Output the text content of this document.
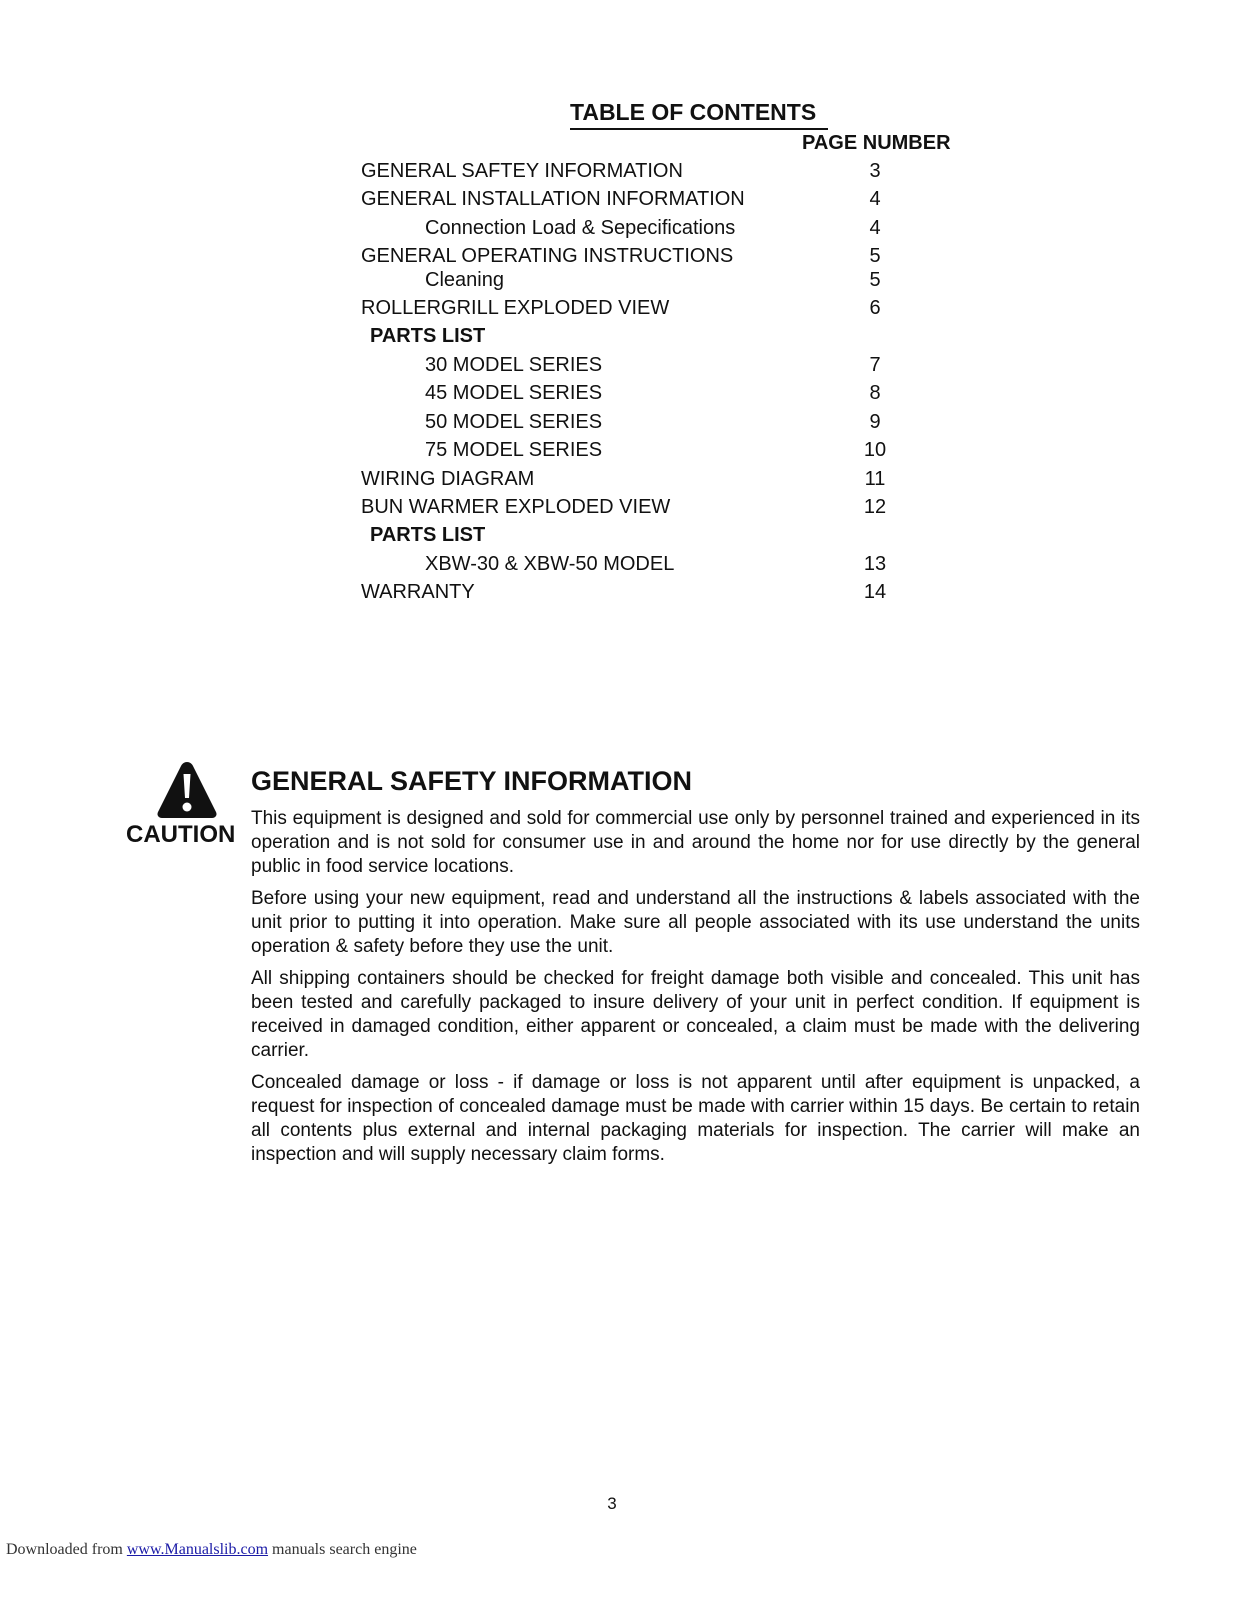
TABLE OF CONTENTS
PAGE NUMBER
GENERAL SAFTEY INFORMATION	3
GENERAL INSTALLATION INFORMATION	4
Connection Load & Sepecifications	4
GENERAL OPERATING INSTRUCTIONS	5
Cleaning	5
ROLLERGRILL EXPLODED VIEW	6
PARTS LIST
30 MODEL SERIES	7
45 MODEL SERIES	8
50 MODEL SERIES	9
75 MODEL SERIES	10
WIRING DIAGRAM	11
BUN WARMER EXPLODED VIEW	12
PARTS LIST
XBW-30 & XBW-50 MODEL	13
WARRANTY	14
CAUTION
GENERAL SAFETY INFORMATION

This equipment is designed and sold for commercial use only by personnel trained and experienced in its operation and is not sold for consumer use in and around the home nor for use directly by the general public in food service locations.

Before using your new equipment, read and understand all the instructions & labels associated with the unit prior to putting it into operation. Make sure all people associated with its use understand the units operation & safety before they use the unit.

All shipping containers should be checked for freight damage both visible and concealed. This unit has been tested and carefully packaged to insure delivery of your unit in perfect condition. If equipment is received in damaged condition, either apparent or concealed, a claim must be made with the delivering carrier.

Concealed damage or loss - if damage or loss is not apparent until after equipment is unpacked, a request for inspection of concealed damage must be made with carrier within 15 days. Be certain to retain all contents plus external and internal packaging materials for inspection. The carrier will make an inspection and will supply necessary claim forms.

3
Downloaded from www.Manualslib.com manuals search engine
